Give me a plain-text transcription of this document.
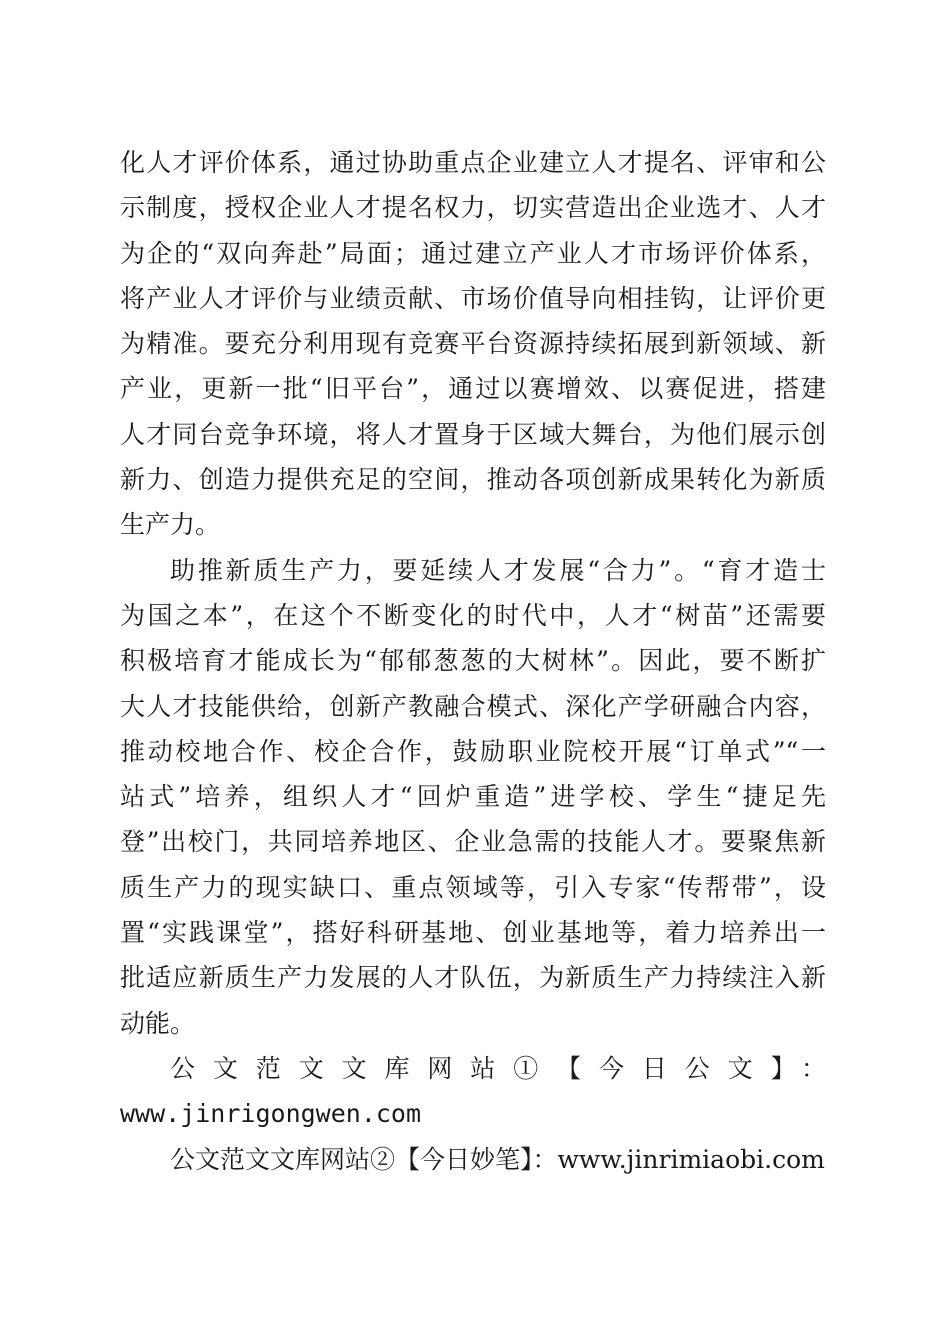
化人才评价体系，通过协助重点企业建立人才提名、评审和公
示制度，授权企业人才提名权力，切实营造出企业选才、人才
为企的“双向奔赴”局面；通过建立产业人才市场评价体系，
将产业人才评价与业绩贡献、市场价值导向相挂钩，让评价更
为精准。要充分利用现有竞赛平台资源持续拓展到新领域、新
产业，更新一批“旧平台”，通过以赛增效、以赛促进，搭建
人才同台竞争环境，将人才置身于区域大舞台，为他们展示创
新力、创造力提供充足的空间，推动各项创新成果转化为新质
生产力。
助推新质生产力，要延续人才发展“合力”。“育才造士
为国之本”，在这个不断变化的时代中，人才“树苗”还需要
积极培育才能成长为“郁郁葱葱的大树林”。因此，要不断扩
大人才技能供给，创新产教融合模式、深化产学研融合内容，
推动校地合作、校企合作，鼓励职业院校开展“订单式”“一
站式”培养，组织人才“回炉重造”进学校、学生“捷足先
登”出校门，共同培养地区、企业急需的技能人才。要聚焦新
质生产力的现实缺口、重点领域等，引入专家“传帮带”，设
置“实践课堂”，搭好科研基地、创业基地等，着力培养出一
批适应新质生产力发展的人才队伍，为新质生产力持续注入新
动能。
公文范文文库网站①【今日公文】：
www.jinrigongwen.com
公文范文文库网站②【今日妙笔】：www.jinrimiaobi.com
